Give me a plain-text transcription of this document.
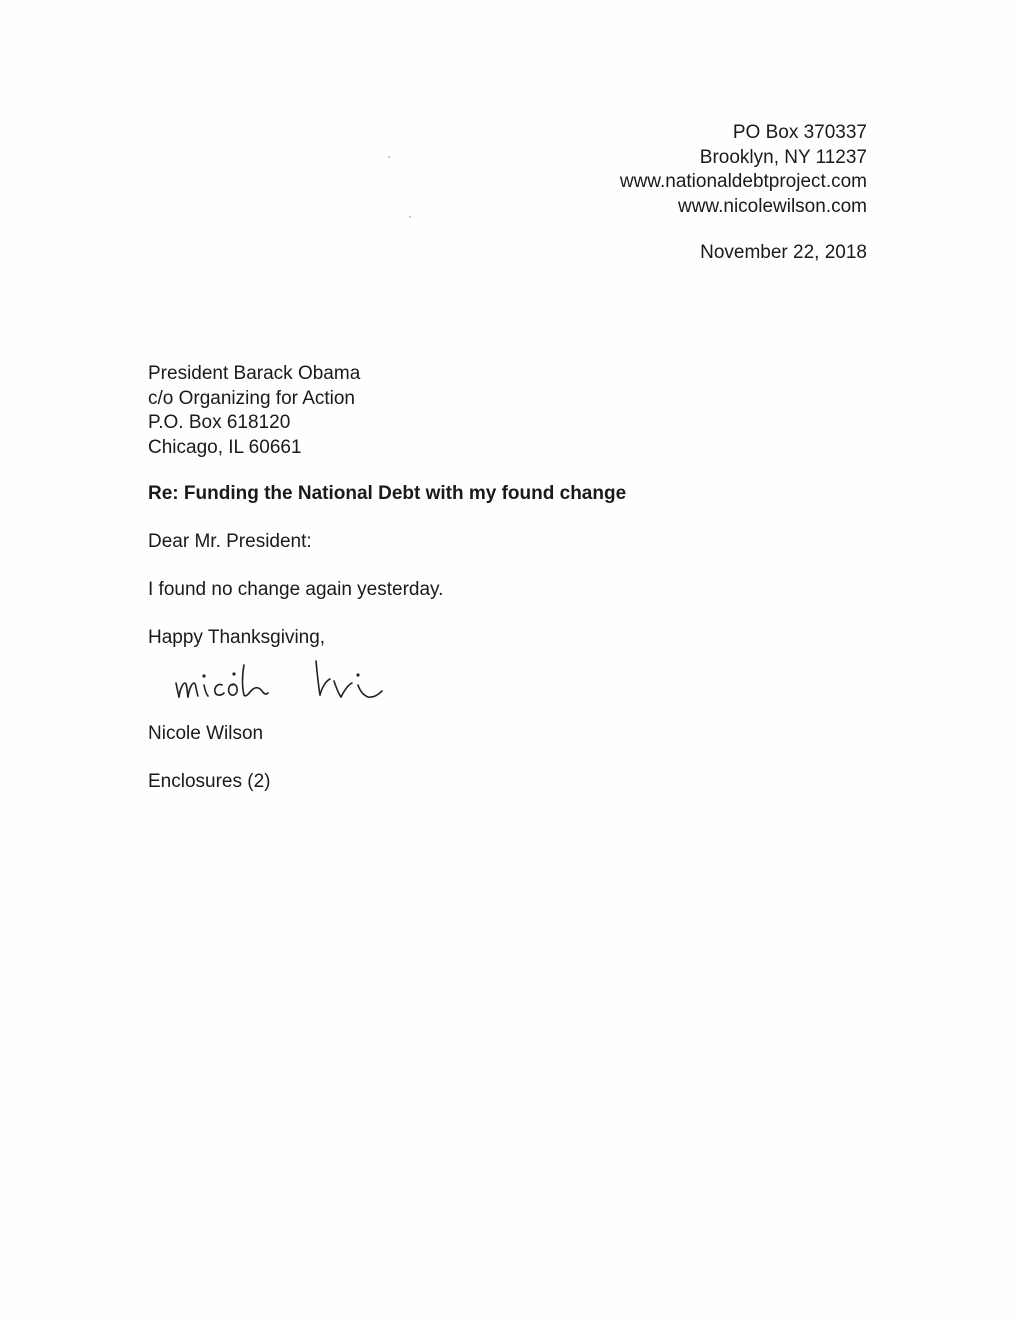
PO Box 370337
Brooklyn, NY 11237
www.nationaldebtproject.com
www.nicolewilson.com
November 22, 2018
President Barack Obama
c/o Organizing for Action
P.O. Box 618120
Chicago, IL 60661
Re: Funding the National Debt with my found change
Dear Mr. President:
I found no change again yesterday.
Happy Thanksgiving,
Nicole Wilson
Enclosures (2)
